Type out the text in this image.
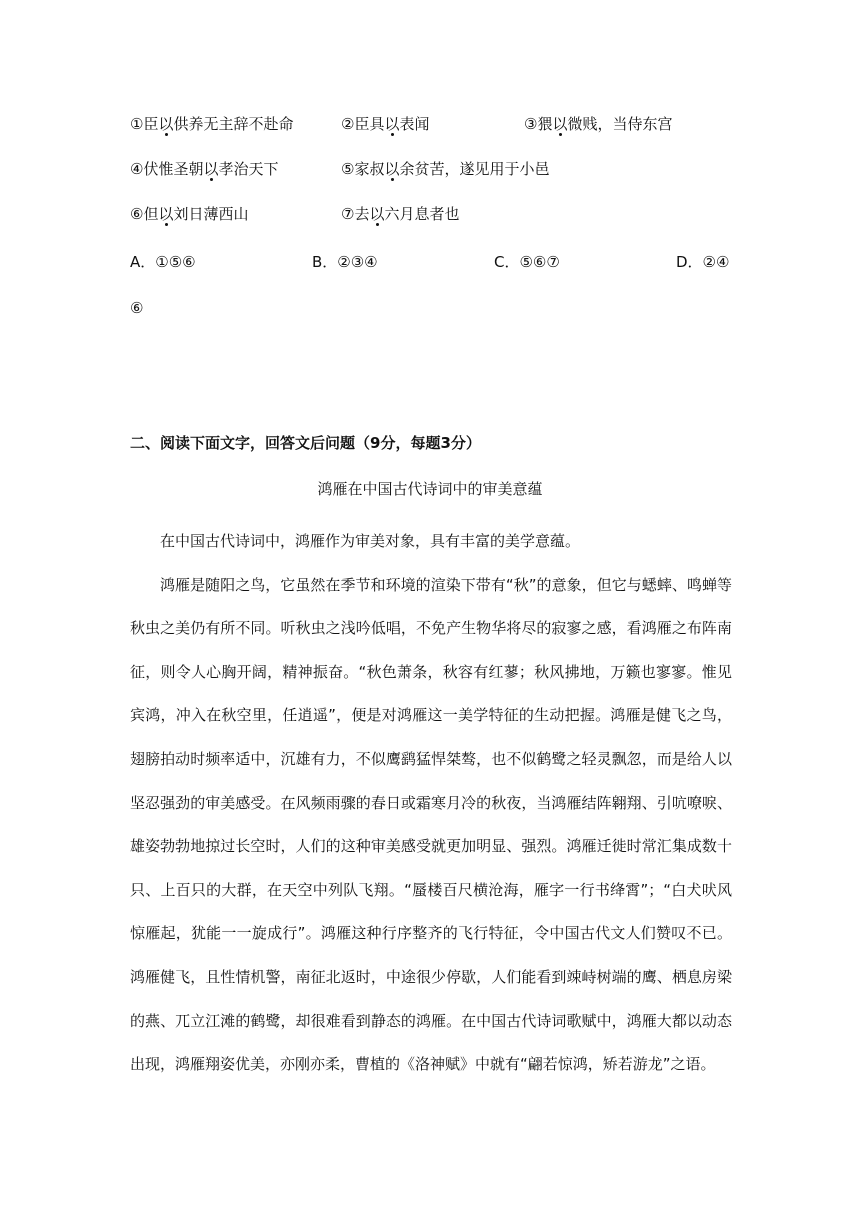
①臣以供养无主辞不赴命	②臣具以表闻	③猥以微贱，当侍东宫
④伏惟圣朝以孝治天下	⑤家叔以余贫苦，遂见用于小邑
⑥但以刘日薄西山	⑦去以六月息者也
A．①⑤⑥	B．②③④	C．⑤⑥⑦	D．②④
⑥
二、阅读下面文字，回答文后问题（9分，每题3分）
鸿雁在中国古代诗词中的审美意蕴

在中国古代诗词中，鸿雁作为审美对象，具有丰富的美学意蕴。

鸿雁是随阳之鸟，它虽然在季节和环境的渲染下带有“秋”的意象，但它与蟋蟀、鸣蝉等秋虫之美仍有所不同。听秋虫之浅吟低唱，不免产生物华将尽的寂寥之感，看鸿雁之布阵南征，则令人心胸开阔，精神振奋。“秋色萧条，秋容有红蓼；秋风拂地，万籁也寥寥。惟见宾鸿，冲入在秋空里，任逍遥”，便是对鸿雁这一美学特征的生动把握。鸿雁是健飞之鸟，翅膀拍动时频率适中，沉雄有力，不似鹰鹞猛悍桀骜，也不似鹤鹭之轻灵飘忽，而是给人以坚忍强劲的审美感受。在风频雨骤的春日或霜寒月冷的秋夜，当鸿雁结阵翱翔、引吭嘹唳、雄姿勃勃地掠过长空时，人们的这种审美感受就更加明显、强烈。鸿雁迁徙时常汇集成数十只、上百只的大群，在天空中列队飞翔。“蜃楼百尺横沧海，雁字一行书绛霄”；“白犬吠风惊雁起，犹能一一旋成行”。鸿雁这种行序整齐的飞行特征，令中国古代文人们赞叹不已。鸿雁健飞，且性情机警，南征北返时，中途很少停歇，人们能看到竦峙树端的鹰、栖息房梁的燕、兀立江滩的鹤鹭，却很难看到静态的鸿雁。在中国古代诗词歌赋中，鸿雁大都以动态出现，鸿雁翔姿优美，亦刚亦柔，曹植的《洛神赋》中就有“翩若惊鸿，矫若游龙”之语。
